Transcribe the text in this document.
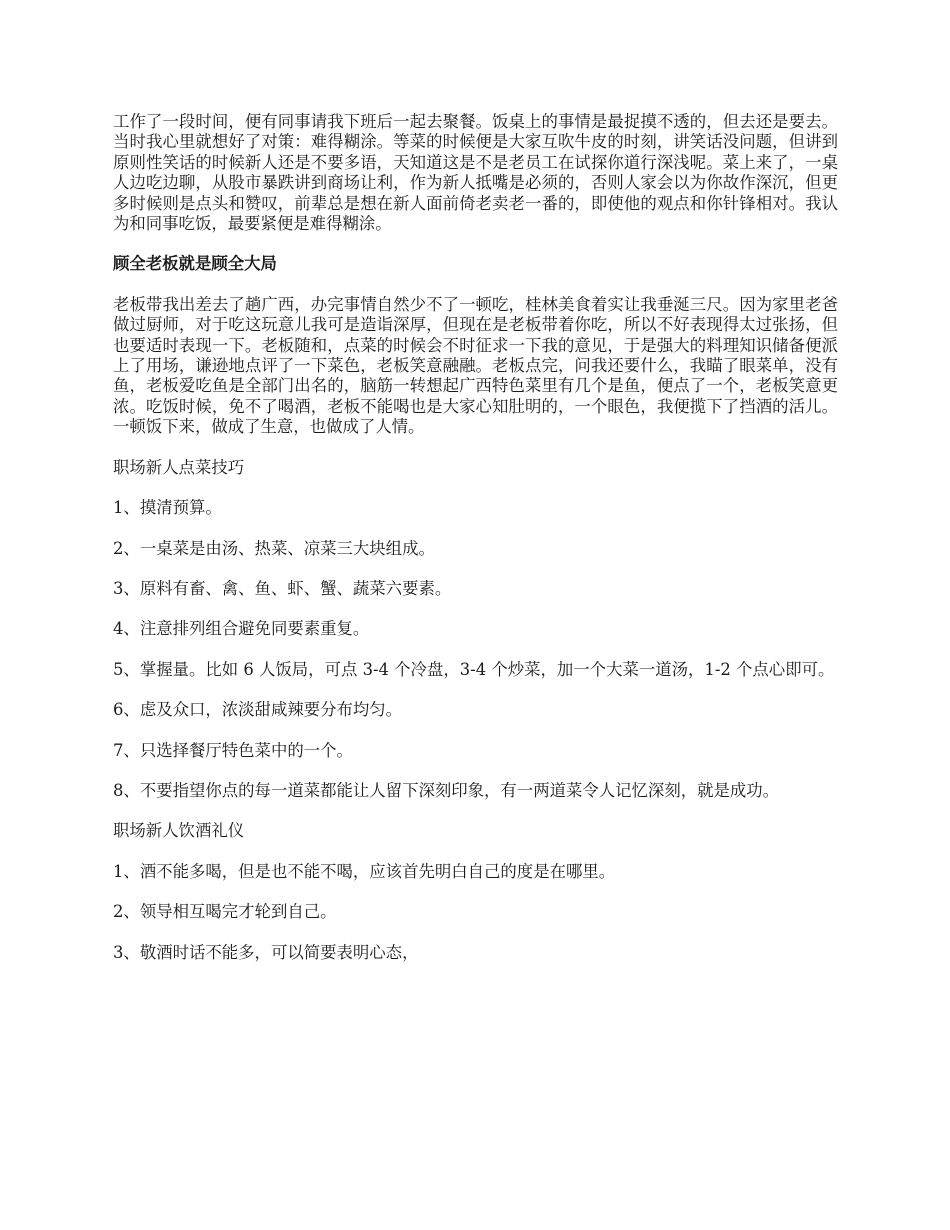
工作了一段时间，便有同事请我下班后一起去聚餐。饭桌上的事情是最捉摸不透的，但去还是要去。当时我心里就想好了对策：难得糊涂。等菜的时候便是大家互吹牛皮的时刻，讲笑话没问题，但讲到原则性笑话的时候新人还是不要多语，天知道这是不是老员工在试探你道行深浅呢。菜上来了，一桌人边吃边聊，从股市暴跌讲到商场让利，作为新人抵嘴是必须的，否则人家会以为你故作深沉，但更多时候则是点头和赞叹，前辈总是想在新人面前倚老卖老一番的，即使他的观点和你针锋相对。我认为和同事吃饭，最要紧便是难得糊涂。

顾全老板就是顾全大局

老板带我出差去了趟广西，办完事情自然少不了一顿吃，桂林美食着实让我垂涎三尺。因为家里老爸做过厨师，对于吃这玩意儿我可是造诣深厚，但现在是老板带着你吃，所以不好表现得太过张扬，但也要适时表现一下。老板随和，点菜的时候会不时征求一下我的意见，于是强大的料理知识储备便派上了用场，谦逊地点评了一下菜色，老板笑意融融。老板点完，问我还要什么，我瞄了眼菜单，没有鱼，老板爱吃鱼是全部门出名的，脑筋一转想起广西特色菜里有几个是鱼，便点了一个，老板笑意更浓。吃饭时候，免不了喝酒，老板不能喝也是大家心知肚明的，一个眼色，我便揽下了挡酒的活儿。一顿饭下来，做成了生意，也做成了人情。

职场新人点菜技巧

1、摸清预算。

2、一桌菜是由汤、热菜、凉菜三大块组成。

3、原料有畜、禽、鱼、虾、蟹、蔬菜六要素。

4、注意排列组合避免同要素重复。

5、掌握量。比如 6 人饭局，可点 3-4 个冷盘，3-4 个炒菜，加一个大菜一道汤，1-2 个点心即可。

6、虑及众口，浓淡甜咸辣要分布均匀。

7、只选择餐厅特色菜中的一个。

8、不要指望你点的每一道菜都能让人留下深刻印象，有一两道菜令人记忆深刻，就是成功。

职场新人饮酒礼仪

1、酒不能多喝，但是也不能不喝，应该首先明白自己的度是在哪里。

2、领导相互喝完才轮到自己。

3、敬酒时话不能多，可以简要表明心态，
